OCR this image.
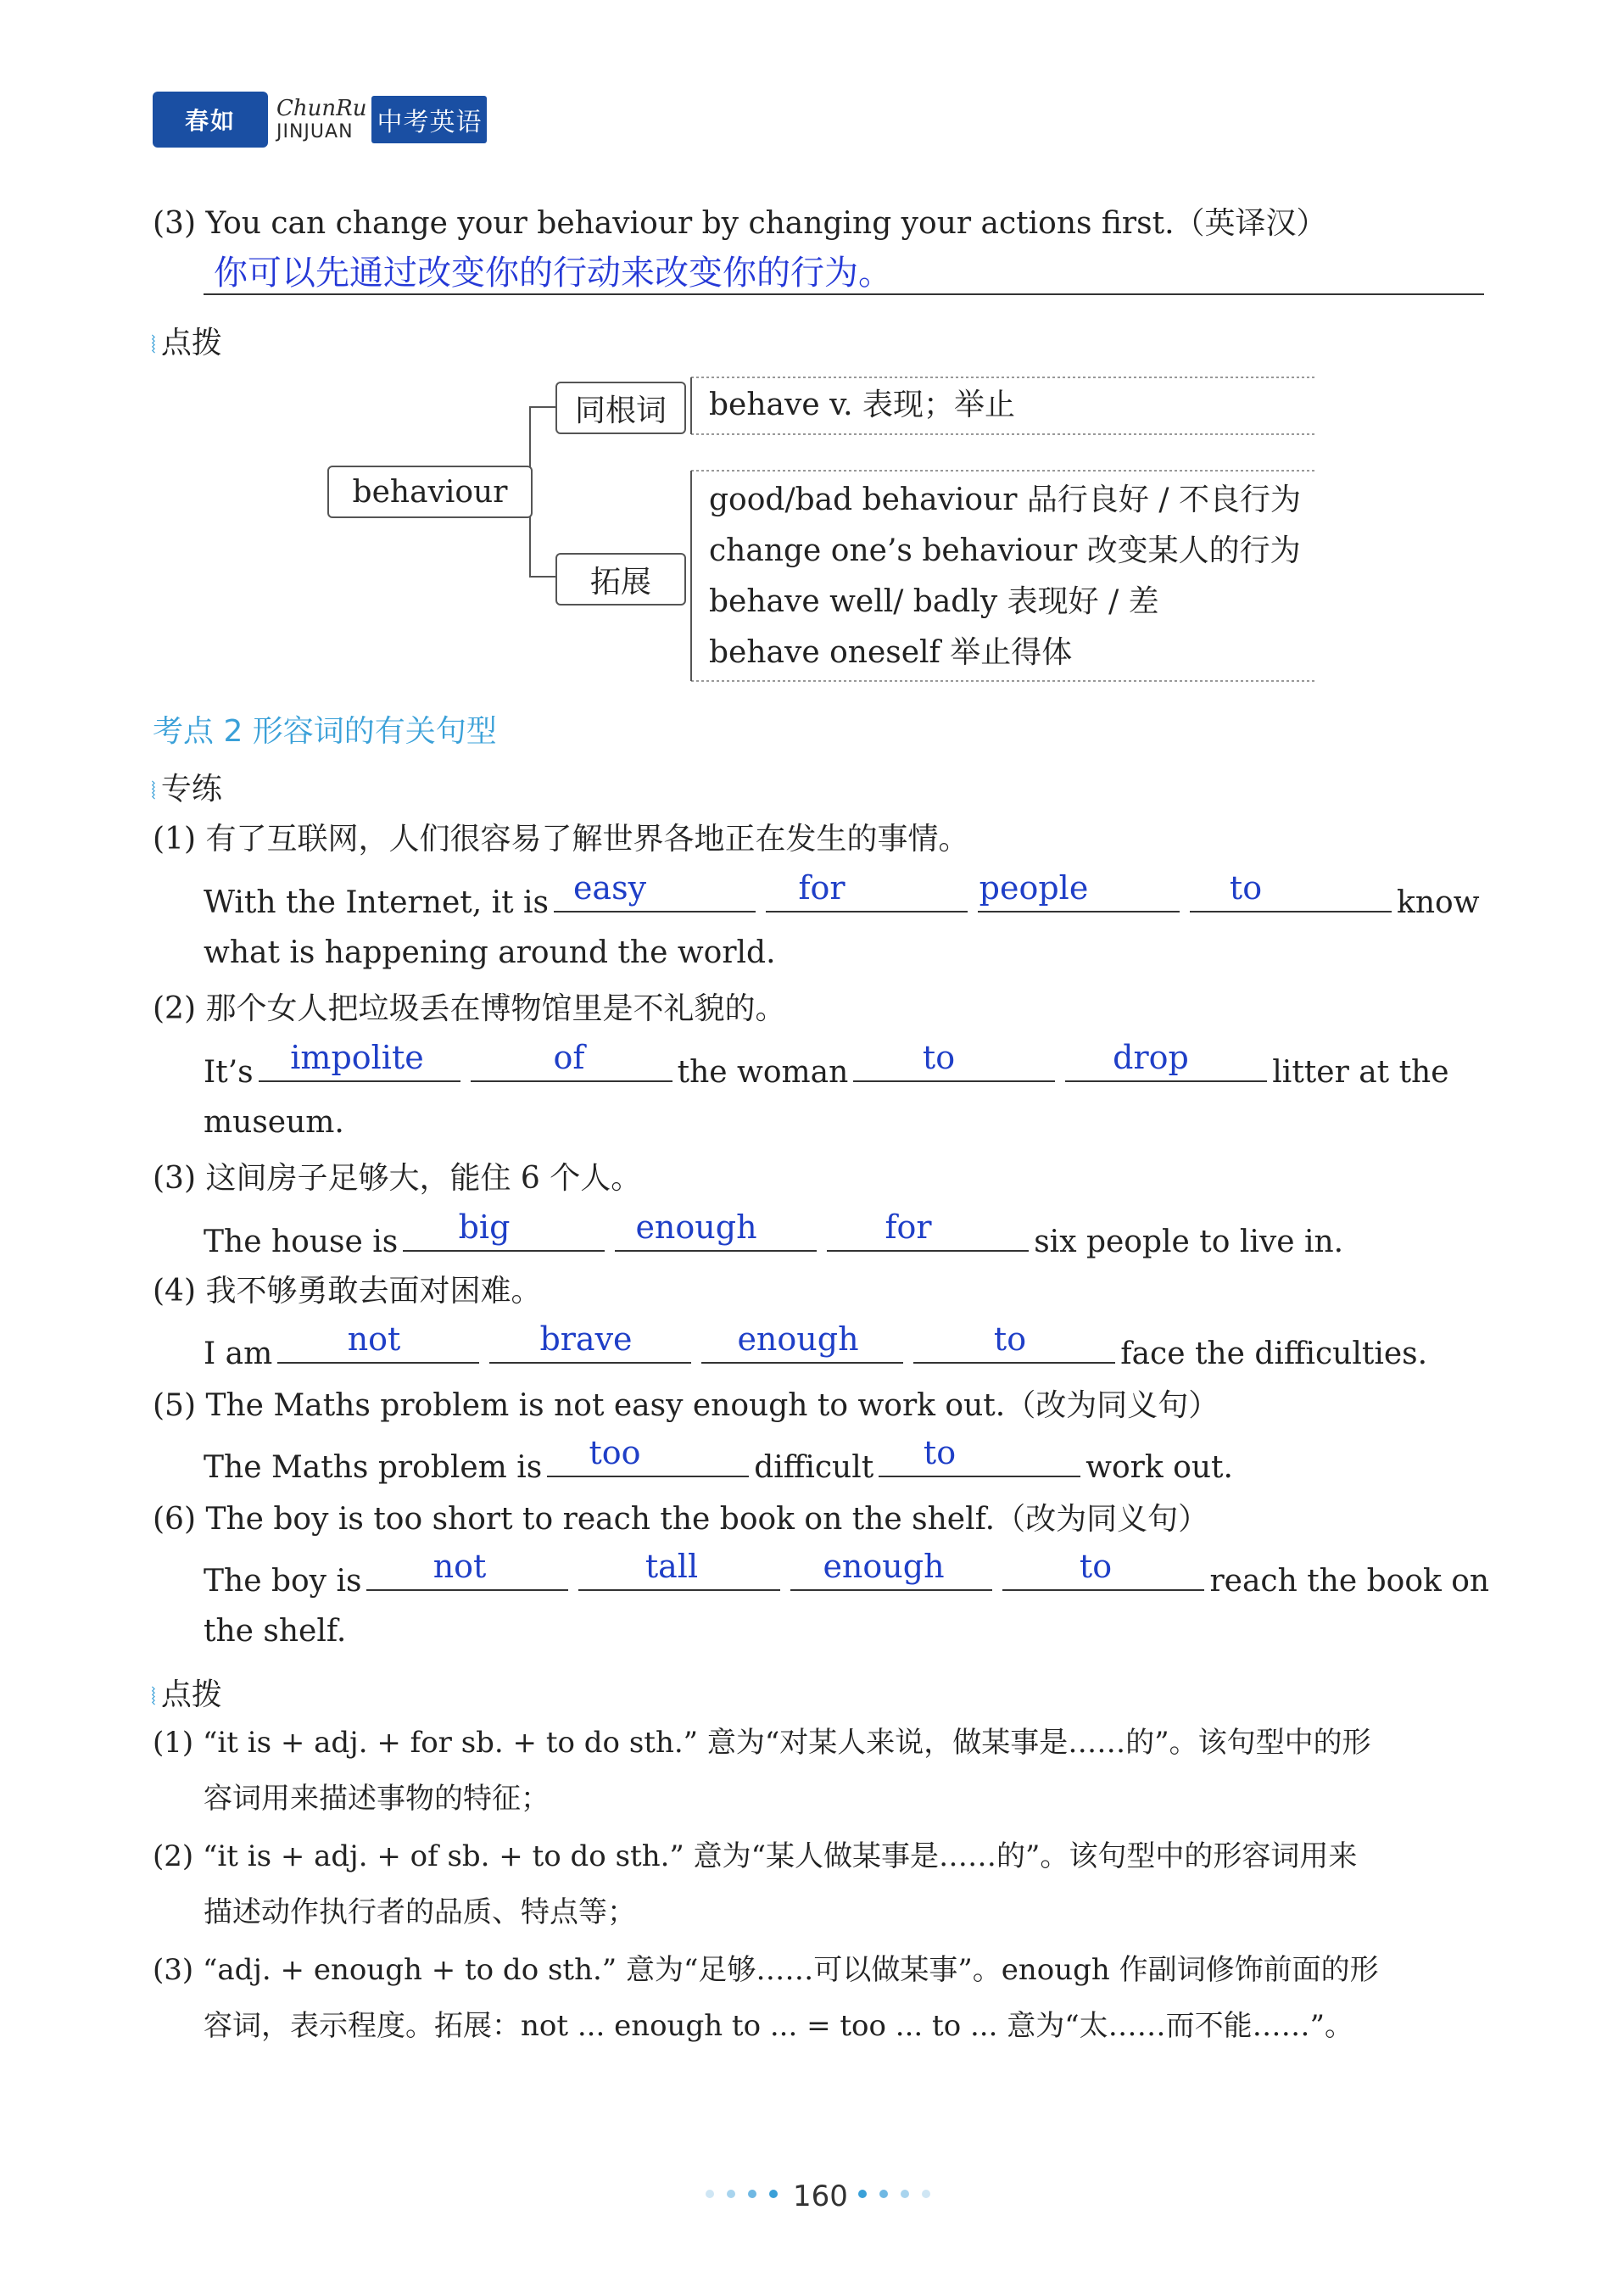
春如	ChunRu
JINJUAN 中考英语
(3) You can change your behaviour by changing your actions first.（英译汉）
你可以先通过改变你的行动来改变你的行为。
⦚ 点拨
behaviour
同根词
拓展
behave v. 表现；举止
good/bad behaviour 品行良好 / 不良行为
change one’s behaviour 改变某人的行为
behave well/ badly 表现好 / 差
behave oneself 举止得体
考点 2 形容词的有关句型
⦚ 专练
(1) 有了互联网，人们很容易了解世界各地正在发生的事情。
With the Internet, it is	know
easy	for	people	to
what is happening around the world.
(2) 那个女人把垃圾丢在博物馆里是不礼貌的。
It’s	the woman	litter at the
impolite	of	to	drop
museum.
(3) 这间房子足够大，能住 6 个人。
The house is	six people to live in.
big	enough	for
(4) 我不够勇敢去面对困难。
I am	face the difficulties.
not	brave	enough	to
(5) The Maths problem is not easy enough to work out.（改为同义句）
The Maths problem is	difficult	work out.
too	to
(6) The boy is too short to reach the book on the shelf.（改为同义句）
The boy is	reach the book on
not	tall	enough	to
the shelf.
⦚ 点拨
(1) “it is + adj. + for sb. + to do sth.” 意为“对某人来说，做某事是……的”。该句型中的形
容词用来描述事物的特征；
(2) “it is + adj. + of sb. + to do sth.” 意为“某人做某事是……的”。该句型中的形容词用来
描述动作执行者的品质、特点等；
(3) “adj. + enough + to do sth.” 意为“足够……可以做某事”。enough 作副词修饰前面的形
容词，表示程度。拓展：not ... enough to ... = too ... to ... 意为“太……而不能……”。
160
